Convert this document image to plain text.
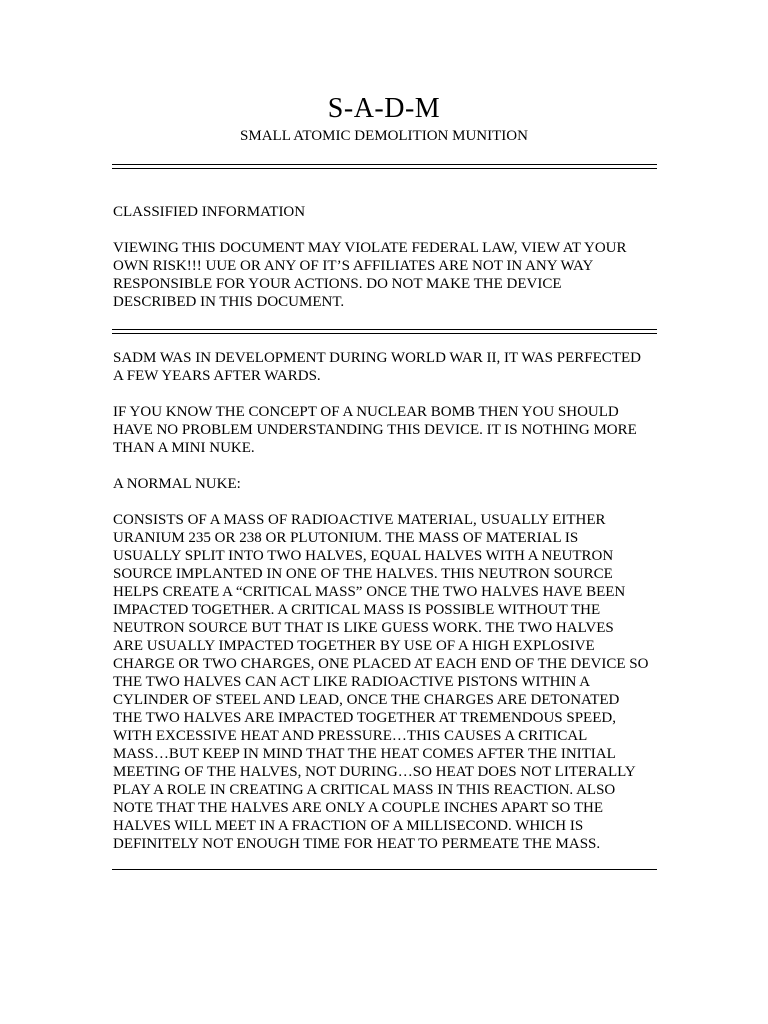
S-A-D-M
SMALL ATOMIC DEMOLITION MUNITION

CLASSIFIED INFORMATION

VIEWING THIS DOCUMENT MAY VIOLATE FEDERAL LAW, VIEW AT YOUR
OWN RISK!!! UUE OR ANY OF IT’S AFFILIATES ARE NOT IN ANY WAY
RESPONSIBLE FOR YOUR ACTIONS. DO NOT MAKE THE DEVICE
DESCRIBED IN THIS DOCUMENT.

SADM WAS IN DEVELOPMENT DURING WORLD WAR II, IT WAS PERFECTED
A FEW YEARS AFTER WARDS.

IF YOU KNOW THE CONCEPT OF A NUCLEAR BOMB THEN YOU SHOULD
HAVE NO PROBLEM UNDERSTANDING THIS DEVICE. IT IS NOTHING MORE
THAN A MINI NUKE.

A NORMAL NUKE:

CONSISTS OF A MASS OF RADIOACTIVE MATERIAL, USUALLY EITHER
URANIUM 235 OR 238 OR PLUTONIUM. THE MASS OF MATERIAL IS
USUALLY SPLIT INTO TWO HALVES, EQUAL HALVES WITH A NEUTRON
SOURCE IMPLANTED IN ONE OF THE HALVES. THIS NEUTRON SOURCE
HELPS CREATE A “CRITICAL MASS” ONCE THE TWO HALVES HAVE BEEN
IMPACTED TOGETHER. A CRITICAL MASS IS POSSIBLE WITHOUT THE
NEUTRON SOURCE BUT THAT IS LIKE GUESS WORK. THE TWO HALVES
ARE USUALLY IMPACTED TOGETHER BY USE OF A HIGH EXPLOSIVE
CHARGE OR TWO CHARGES, ONE PLACED AT EACH END OF THE DEVICE SO
THE TWO HALVES CAN ACT LIKE RADIOACTIVE PISTONS WITHIN A
CYLINDER OF STEEL AND LEAD, ONCE THE CHARGES ARE DETONATED
THE TWO HALVES ARE IMPACTED TOGETHER AT TREMENDOUS SPEED,
WITH EXCESSIVE HEAT AND PRESSURE…THIS CAUSES A CRITICAL
MASS…BUT KEEP IN MIND THAT THE HEAT COMES AFTER THE INITIAL
MEETING OF THE HALVES, NOT DURING…SO HEAT DOES NOT LITERALLY
PLAY A ROLE IN CREATING A CRITICAL MASS IN THIS REACTION. ALSO
NOTE THAT THE HALVES ARE ONLY A COUPLE INCHES APART SO THE
HALVES WILL MEET IN A FRACTION OF A MILLISECOND. WHICH IS
DEFINITELY NOT ENOUGH TIME FOR HEAT TO PERMEATE THE MASS.
